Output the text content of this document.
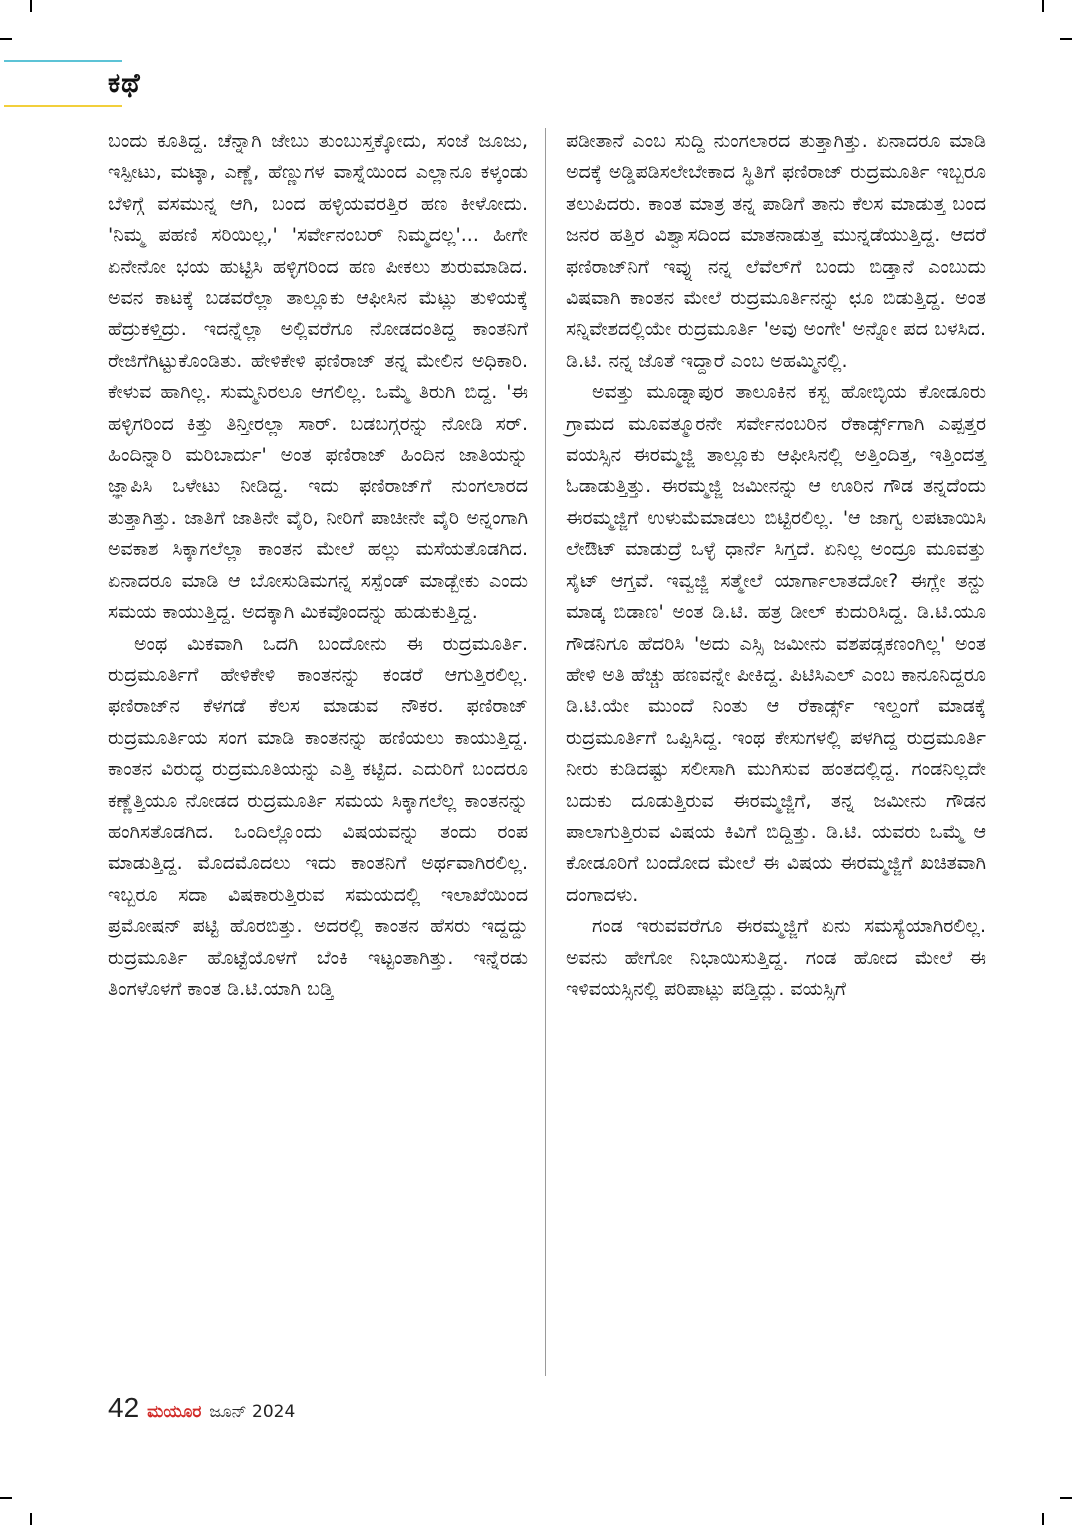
ಕಥೆ

ಬಂದು ಕೂತಿದ್ದ. ಚೆನ್ನಾಗಿ ಜೇಬು ತುಂಬುಸ್ತಕ್ಕೋದು, ಸಂಜೆ ಜೂಜು, ಇಸ್ಪೀಟು, ಮಟ್ಕಾ, ಎಣ್ಣೆ, ಹೆಣ್ಣುಗಳ ವಾಸ್ನೆಯಿಂದ ಎಲ್ಲಾನೂ ಕಳ್ಕಂಡು ಬೆಳಿಗ್ಗೆ ವಸಮುನ್ನ ಆಗಿ, ಬಂದ ಹಳ್ಳಿಯವರತ್ತಿರ ಹಣ ಕೀಳೋದು. 'ನಿಮ್ಮ ಪಹಣಿ ಸರಿಯಿಲ್ಲ,' 'ಸರ್ವೇನಂಬರ್ ನಿಮ್ಮದಲ್ಲ'... ಹೀಗೇ ಏನೇನೋ ಭಯ ಹುಟ್ಟಿಸಿ ಹಳ್ಳಿಗರಿಂದ ಹಣ ಪೀಕಲು ಶುರುಮಾಡಿದ. ಅವನ ಕಾಟಕ್ಕೆ ಬಡವರೆಲ್ಲಾ ತಾಲ್ಲೂಕು ಆಫೀಸಿನ ಮೆಟ್ಲು ತುಳಿಯಕ್ಕೆ ಹೆದ್ರುಕಳ್ತಿದ್ರು. ಇದನ್ನೆಲ್ಲಾ ಅಲ್ಲಿವರೆಗೂ ನೋಡದಂತಿದ್ದ ಕಾಂತನಿಗೆ ರೇಜಿಗೆಗಿಟ್ಟುಕೊಂಡಿತು. ಹೇಳಿಕೇಳಿ ಫಣಿರಾಜ್ ತನ್ನ ಮೇಲಿನ ಅಧಿಕಾರಿ. ಕೇಳುವ ಹಾಗಿಲ್ಲ. ಸುಮ್ಮನಿರಲೂ ಆಗಲಿಲ್ಲ. ಒಮ್ಮೆ ತಿರುಗಿ ಬಿದ್ದ. 'ಈ ಹಳ್ಳಿಗರಿಂದ ಕಿತ್ತು ತಿನ್ತೀರಲ್ಲಾ ಸಾರ್. ಬಡಬಗ್ಗರನ್ನು ನೋಡಿ ಸರ್. ಹಿಂದಿನ್ನಾರಿ ಮರಿಬಾರ್ದು' ಅಂತ ಫಣಿರಾಜ್ ಹಿಂದಿನ ಜಾತಿಯನ್ನು ಜ್ಞಾಪಿಸಿ ಒಳೇಟು ನೀಡಿದ್ದ. ಇದು ಫಣಿರಾಜ್‌ಗೆ ನುಂಗಲಾರದ ತುತ್ತಾಗಿತ್ತು. ಜಾತಿಗೆ ಜಾತಿನೇ ವೈರಿ, ನೀರಿಗೆ ಪಾಚೀನೇ ವೈರಿ ಅನ್ನಂಗಾಗಿ ಅವಕಾಶ ಸಿಕ್ಕಾಗಲೆಲ್ಲಾ ಕಾಂತನ ಮೇಲೆ ಹಲ್ಲು ಮಸೆಯತೊಡಗಿದ. ಏನಾದರೂ ಮಾಡಿ ಆ ಬೋಸುಡಿಮಗನ್ನ ಸಸ್ಪೆಂಡ್ ಮಾಡ್ಬೇಕು ಎಂದು ಸಮಯ ಕಾಯುತ್ತಿದ್ದ. ಅದಕ್ಕಾಗಿ ಮಿಕವೊಂದನ್ನು ಹುಡುಕುತ್ತಿದ್ದ.

ಅಂಥ ಮಿಕವಾಗಿ ಒದಗಿ ಬಂದೋನು ಈ ರುದ್ರಮೂರ್ತಿ. ರುದ್ರಮೂರ್ತಿಗೆ ಹೇಳಿಕೇಳಿ ಕಾಂತನನ್ನು ಕಂಡರೆ ಆಗುತ್ತಿರಲಿಲ್ಲ. ಫಣಿರಾಜ್‌ನ ಕೆಳಗಡೆ ಕೆಲಸ ಮಾಡುವ ನೌಕರ. ಫಣಿರಾಜ್ ರುದ್ರಮೂರ್ತಿಯ ಸಂಗ ಮಾಡಿ ಕಾಂತನನ್ನು ಹಣಿಯಲು ಕಾಯುತ್ತಿದ್ದ. ಕಾಂತನ ವಿರುದ್ಧ ರುದ್ರಮೂತಿಯನ್ನು ಎತ್ತಿ ಕಟ್ಟಿದ. ಎದುರಿಗೆ ಬಂದರೂ ಕಣ್ಣೆತ್ತಿಯೂ ನೋಡದ ರುದ್ರಮೂರ್ತಿ ಸಮಯ ಸಿಕ್ಕಾಗಲೆಲ್ಲ ಕಾಂತನನ್ನು ಹಂಗಿಸತೊಡಗಿದ. ಒಂದಿಲ್ಲೊಂದು ವಿಷಯವನ್ನು ತಂದು ರಂಪ ಮಾಡುತ್ತಿದ್ದ. ಮೊದಮೊದಲು ಇದು ಕಾಂತನಿಗೆ ಅರ್ಥವಾಗಿರಲಿಲ್ಲ. ಇಬ್ಬರೂ ಸದಾ ವಿಷಕಾರುತ್ತಿರುವ ಸಮಯದಲ್ಲಿ ಇಲಾಖೆಯಿಂದ ಪ್ರಮೋಷನ್ ಪಟ್ಟಿ ಹೊರಬಿತ್ತು. ಅದರಲ್ಲಿ ಕಾಂತನ ಹೆಸರು ಇದ್ದದ್ದು ರುದ್ರಮೂರ್ತಿ ಹೊಟ್ಟೆಯೊಳಗೆ ಬೆಂಕಿ ಇಟ್ಟಂತಾಗಿತ್ತು. ಇನ್ನೆರಡು ತಿಂಗಳೊಳಗೆ ಕಾಂತ ಡಿ.ಟಿ.ಯಾಗಿ ಬಡ್ತಿ

ಪಡೀತಾನೆ ಎಂಬ ಸುದ್ದಿ ನುಂಗಲಾರದ ತುತ್ತಾಗಿತ್ತು. ಏನಾದರೂ ಮಾಡಿ ಅದಕ್ಕೆ ಅಡ್ಡಿಪಡಿಸಲೇಬೇಕಾದ ಸ್ಥಿತಿಗೆ ಫಣಿರಾಜ್ ರುದ್ರಮೂರ್ತಿ ಇಬ್ಬರೂ ತಲುಪಿದರು. ಕಾಂತ ಮಾತ್ರ ತನ್ನ ಪಾಡಿಗೆ ತಾನು ಕೆಲಸ ಮಾಡುತ್ತ ಬಂದ ಜನರ ಹತ್ತಿರ ವಿಶ್ವಾಸದಿಂದ ಮಾತನಾಡುತ್ತ ಮುನ್ನಡೆಯುತ್ತಿದ್ದ. ಆದರೆ ಫಣಿರಾಜ್‌ನಿಗೆ ಇವ್ನು ನನ್ನ ಲೆವೆಲ್‌ಗೆ ಬಂದು ಬಿಡ್ತಾನೆ ಎಂಬುದು ವಿಷವಾಗಿ ಕಾಂತನ ಮೇಲೆ ರುದ್ರಮೂರ್ತಿನನ್ನು ಛೂ ಬಿಡುತ್ತಿದ್ದ. ಅಂತ ಸನ್ನಿವೇಶದಲ್ಲಿಯೇ ರುದ್ರಮೂರ್ತಿ 'ಅವು ಅಂಗೇ' ಅನ್ನೋ ಪದ ಬಳಸಿದ. ಡಿ.ಟಿ. ನನ್ನ ಜೊತೆ ಇದ್ದಾರೆ ಎಂಬ ಅಹಮ್ಮಿನಲ್ಲಿ.

ಅವತ್ತು ಮೂಡ್ನಾಪುರ ತಾಲೂಕಿನ ಕಸ್ಬ ಹೋಬ್ಳಿಯ ಕೋಡೂರು ಗ್ರಾಮದ ಮೂವತ್ಮೂರನೇ ಸರ್ವೇನಂಬರಿನ ರೆಕಾರ್ಡ್ಸ್‌ಗಾಗಿ ಎಪ್ಪತ್ತರ ವಯಸ್ಸಿನ ಈರಮ್ಮಜ್ಜಿ ತಾಲ್ಲೂಕು ಆಫೀಸಿನಲ್ಲಿ ಅತ್ತಿಂದಿತ್ತ, ಇತ್ತಿಂದತ್ತ ಓಡಾಡುತ್ತಿತ್ತು. ಈರಮ್ಮಜ್ಜಿ ಜಮೀನನ್ನು ಆ ಊರಿನ ಗೌಡ ತನ್ನದೆಂದು ಈರಮ್ಮಜ್ಜಿಗೆ ಉಳುಮೆಮಾಡಲು ಬಿಟ್ಟಿರಲಿಲ್ಲ. 'ಆ ಜಾಗ್ವ ಲಪಟಾಯಿಸಿ ಲೇಔಟ್ ಮಾಡುದ್ರೆ ಒಳ್ಳೆ ಧಾರ್ನೆ ಸಿಗ್ತದೆ. ಏನಿಲ್ಲ ಅಂದ್ರೂ ಮೂವತ್ತು ಸೈಟ್ ಆಗ್ತವೆ. ಇವ್ವಜ್ಜಿ ಸತ್ಮೇಲೆ ಯಾರ್ಗಾಲಾತದೋ? ಈಗ್ಲೇ ತನ್ದು ಮಾಡ್ಕ ಬಿಡಾಣ' ಅಂತ ಡಿ.ಟಿ. ಹತ್ರ ಡೀಲ್ ಕುದುರಿಸಿದ್ದ. ಡಿ.ಟಿ.ಯೂ ಗೌಡನಿಗೂ ಹೆದರಿಸಿ 'ಅದು ಎಸ್ಸಿ ಜಮೀನು ವಶಪಡ್ಸಕಣಂಗಿಲ್ಲ' ಅಂತ ಹೇಳಿ ಅತಿ ಹೆಚ್ಚು ಹಣವನ್ನೇ ಪೀಕಿದ್ದ. ಪಿಟಿಸಿಎಲ್ ಎಂಬ ಕಾನೂನಿದ್ದರೂ ಡಿ.ಟಿ.ಯೇ ಮುಂದೆ ನಿಂತು ಆ ರೆಕಾರ್ಡ್ಸ್ ಇಲ್ದಂಗೆ ಮಾಡಕ್ಕೆ ರುದ್ರಮೂರ್ತಿಗೆ ಒಪ್ಪಿಸಿದ್ದ. ಇಂಥ ಕೇಸುಗಳಲ್ಲಿ ಪಳಗಿದ್ದ ರುದ್ರಮೂರ್ತಿ ನೀರು ಕುಡಿದಷ್ಟು ಸಲೀಸಾಗಿ ಮುಗಿಸುವ ಹಂತದಲ್ಲಿದ್ದ. ಗಂಡನಿಲ್ಲದೇ ಬದುಕು ದೂಡುತ್ತಿರುವ ಈರಮ್ಮಜ್ಜಿಗೆ, ತನ್ನ ಜಮೀನು ಗೌಡನ ಪಾಲಾಗುತ್ತಿರುವ ವಿಷಯ ಕಿವಿಗೆ ಬಿದ್ದಿತ್ತು. ಡಿ.ಟಿ. ಯವರು ಒಮ್ಮೆ ಆ ಕೋಡೂರಿಗೆ ಬಂದೋದ ಮೇಲೆ ಈ ವಿಷಯ ಈರಮ್ಮಜ್ಜಿಗೆ ಖಚಿತವಾಗಿ ದಂಗಾದಳು.

ಗಂಡ ಇರುವವರೆಗೂ ಈರಮ್ಮಜ್ಜಿಗೆ ಏನು ಸಮಸ್ಯೆಯಾಗಿರಲಿಲ್ಲ. ಅವನು ಹೇಗೋ ನಿಭಾಯಿಸುತ್ತಿದ್ದ. ಗಂಡ ಹೋದ ಮೇಲೆ ಈ ಇಳಿವಯಸ್ಸಿನಲ್ಲಿ ಪರಿಪಾಟ್ಲು ಪಡ್ತಿದ್ಲು. ವಯಸ್ಸಿಗೆ

42 ಮಯೂರ ಜೂನ್ 2024
